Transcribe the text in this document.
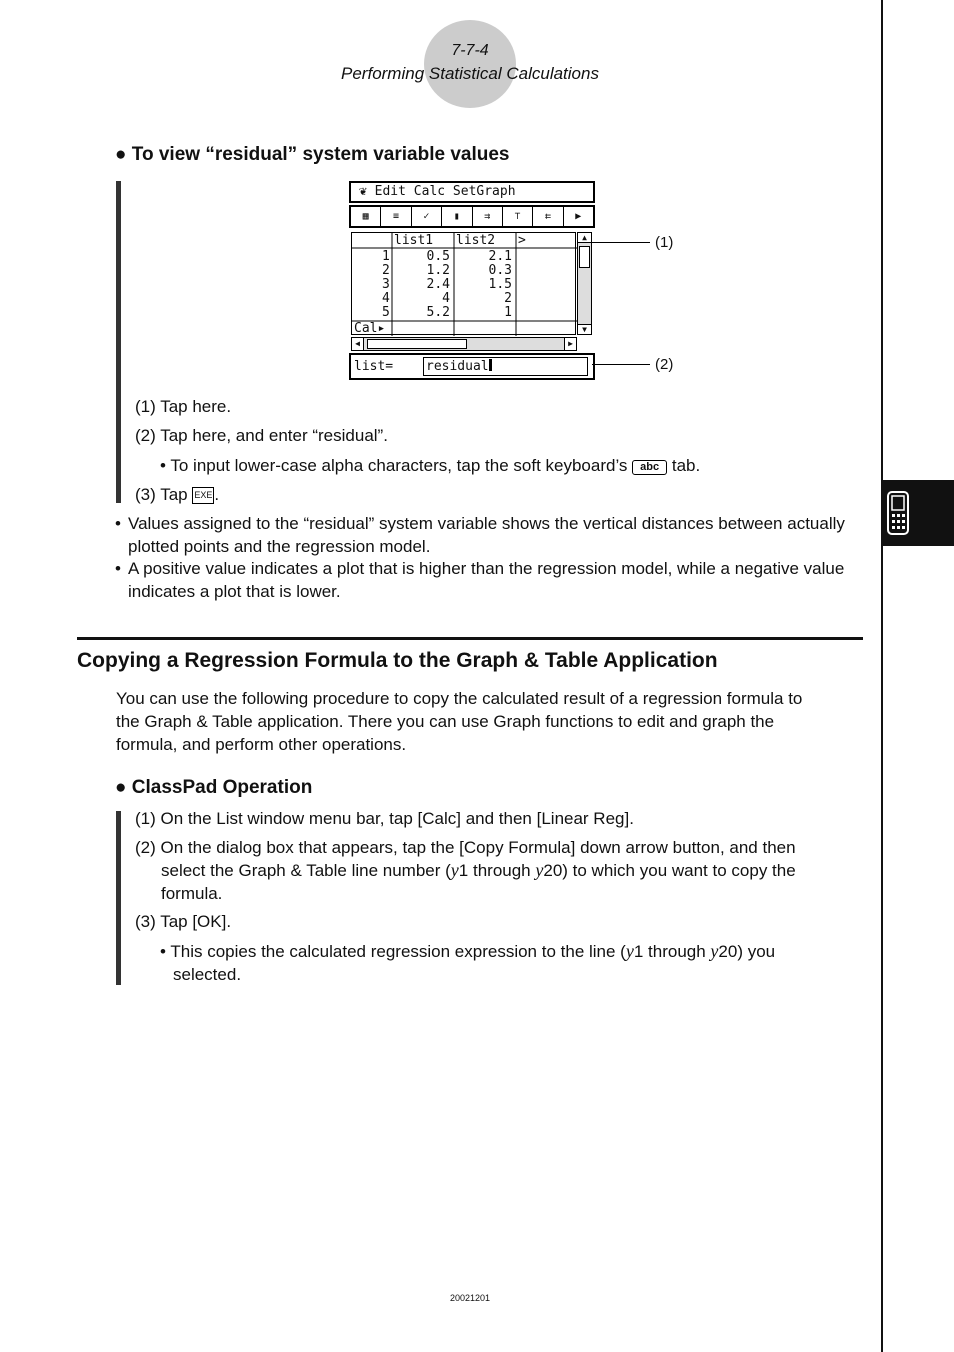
7-7-4
Performing Statistical Calculations
● To view “residual” system variable values
❦ Edit Calc SetGraph
▦	≡	✓	▮	⇉	⊤	⇇	▶
list1 list2 >
1	0.5	2.1
2	1.2	0.3
3	2.4	1.5
4	4	2
5	5.2	1
Cal▸
▲
▼
◀	▶
list=	residual
(1)
(2)
(1) Tap here.
(2) Tap here, and enter “residual”.
• To input lower-case alpha characters, tap the soft keyboard’s abc tab.
(3) Tap EXE .
• Values assigned to the “residual” system variable shows the vertical distances between actually plotted points and the regression model.
• A positive value indicates a plot that is higher than the regression model, while a negative value indicates a plot that is lower.
Copying a Regression Formula to the Graph & Table Application
You can use the following procedure to copy the calculated result of a regression formula to
the Graph & Table application. There you can use Graph functions to edit and graph the
formula, and perform other operations.
● ClassPad Operation
(1) On the List window menu bar, tap [Calc] and then [Linear Reg].
(2) On the dialog box that appears, tap the [Copy Formula] down arrow button, and then
select the Graph & Table line number (y1 through y20) to which you want to copy the
formula.
(3) Tap [OK].
• This copies the calculated regression expression to the line (y1 through y20) you
selected.
20021201
